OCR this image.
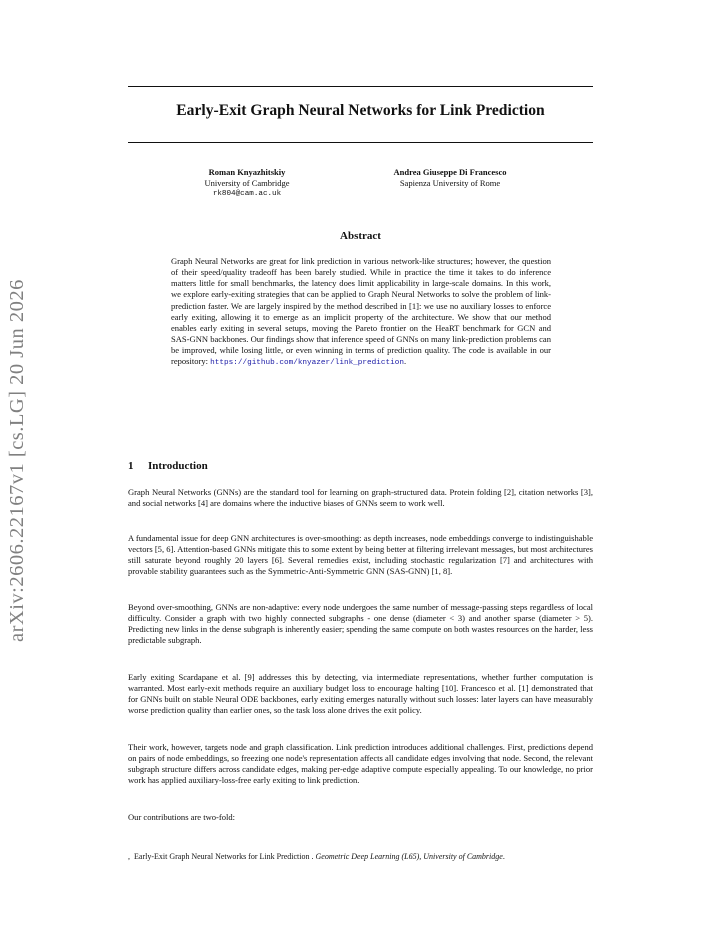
arXiv:2606.22167v1 [cs.LG] 20 Jun 2026
Early-Exit Graph Neural Networks for Link Prediction
Roman Knyazhitskiy
University of Cambridge
rk804@cam.ac.uk
Andrea Giuseppe Di Francesco
Sapienza University of Rome
Abstract

Graph Neural Networks are great for link prediction in various network-like structures; however, the question of their speed/quality tradeoff has been barely studied. While in practice the time it takes to do inference matters little for small benchmarks, the latency does limit applicability in large-scale domains. In this work, we explore early-exiting strategies that can be applied to Graph Neural Networks to solve the problem of link-prediction faster. We are largely inspired by the method described in [1]: we use no auxiliary losses to enforce early exiting, allowing it to emerge as an implicit property of the architecture. We show that our method enables early exiting in several setups, moving the Pareto frontier on the HeaRT benchmark for GCN and SAS-GNN backbones. Our findings show that inference speed of GNNs on many link-prediction problems can be improved, while losing little, or even winning in terms of prediction quality. The code is available in our repository: https://github.com/knyazer/link_prediction.

1 Introduction

Graph Neural Networks (GNNs) are the standard tool for learning on graph-structured data. Protein folding [2], citation networks [3], and social networks [4] are domains where the inductive biases of GNNs seem to work well.

A fundamental issue for deep GNN architectures is over-smoothing: as depth increases, node embeddings converge to indistinguishable vectors [5, 6]. Attention-based GNNs mitigate this to some extent by being better at filtering irrelevant messages, but most architectures still saturate beyond roughly 20 layers [6]. Several remedies exist, including stochastic regularization [7] and architectures with provable stability guarantees such as the Symmetric-Anti-Symmetric GNN (SAS-GNN) [1, 8].

Beyond over-smoothing, GNNs are non-adaptive: every node undergoes the same number of message-passing steps regardless of local difficulty. Consider a graph with two highly connected subgraphs - one dense (diameter < 3) and another sparse (diameter > 5). Predicting new links in the dense subgraph is inherently easier; spending the same compute on both wastes resources on the harder, less predictable subgraph.

Early exiting Scardapane et al. [9] addresses this by detecting, via intermediate representations, whether further computation is warranted. Most early-exit methods require an auxiliary budget loss to encourage halting [10]. Francesco et al. [1] demonstrated that for GNNs built on stable Neural ODE backbones, early exiting emerges naturally without such losses: later layers can have measurably worse prediction quality than earlier ones, so the task loss alone drives the exit policy.

Their work, however, targets node and graph classification. Link prediction introduces additional challenges. First, predictions depend on pairs of node embeddings, so freezing one node's representation affects all candidate edges involving that node. Second, the relevant subgraph structure differs across candidate edges, making per-edge adaptive compute especially appealing. To our knowledge, no prior work has applied auxiliary-loss-free early exiting to link prediction.

Our contributions are two-fold:

, Early-Exit Graph Neural Networks for Link Prediction . Geometric Deep Learning (L65), University of Cambridge.
